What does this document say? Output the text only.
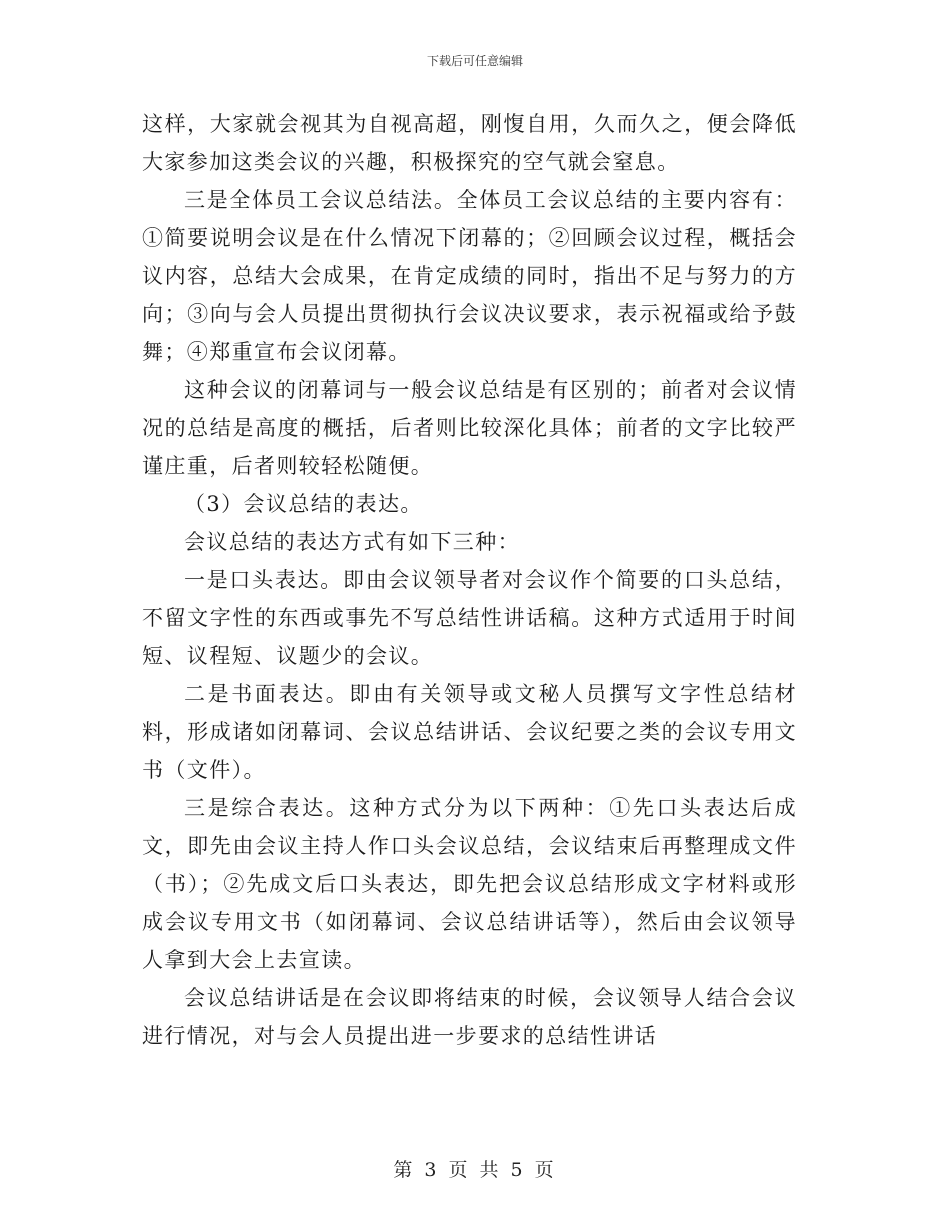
下载后可任意编辑

这样，大家就会视其为自视高超，刚愎自用，久而久之，便会降低大家参加这类会议的兴趣，积极探究的空气就会窒息。

三是全体员工会议总结法。全体员工会议总结的主要内容有：①简要说明会议是在什么情况下闭幕的；②回顾会议过程，概括会议内容，总结大会成果，在肯定成绩的同时，指出不足与努力的方向；③向与会人员提出贯彻执行会议决议要求，表示祝福或给予鼓舞；④郑重宣布会议闭幕。

这种会议的闭幕词与一般会议总结是有区别的；前者对会议情况的总结是高度的概括，后者则比较深化具体；前者的文字比较严谨庄重，后者则较轻松随便。

（3）会议总结的表达。

会议总结的表达方式有如下三种：

一是口头表达。即由会议领导者对会议作个简要的口头总结，不留文字性的东西或事先不写总结性讲话稿。这种方式适用于时间短、议程短、议题少的会议。

二是书面表达。即由有关领导或文秘人员撰写文字性总结材料，形成诸如闭幕词、会议总结讲话、会议纪要之类的会议专用文书（文件）。

三是综合表达。这种方式分为以下两种：①先口头表达后成文，即先由会议主持人作口头会议总结，会议结束后再整理成文件（书）；②先成文后口头表达，即先把会议总结形成文字材料或形成会议专用文书（如闭幕词、会议总结讲话等），然后由会议领导人拿到大会上去宣读。

会议总结讲话是在会议即将结束的时候，会议领导人结合会议进行情况，对与会人员提出进一步要求的总结性讲话

第 3 页 共 5 页
